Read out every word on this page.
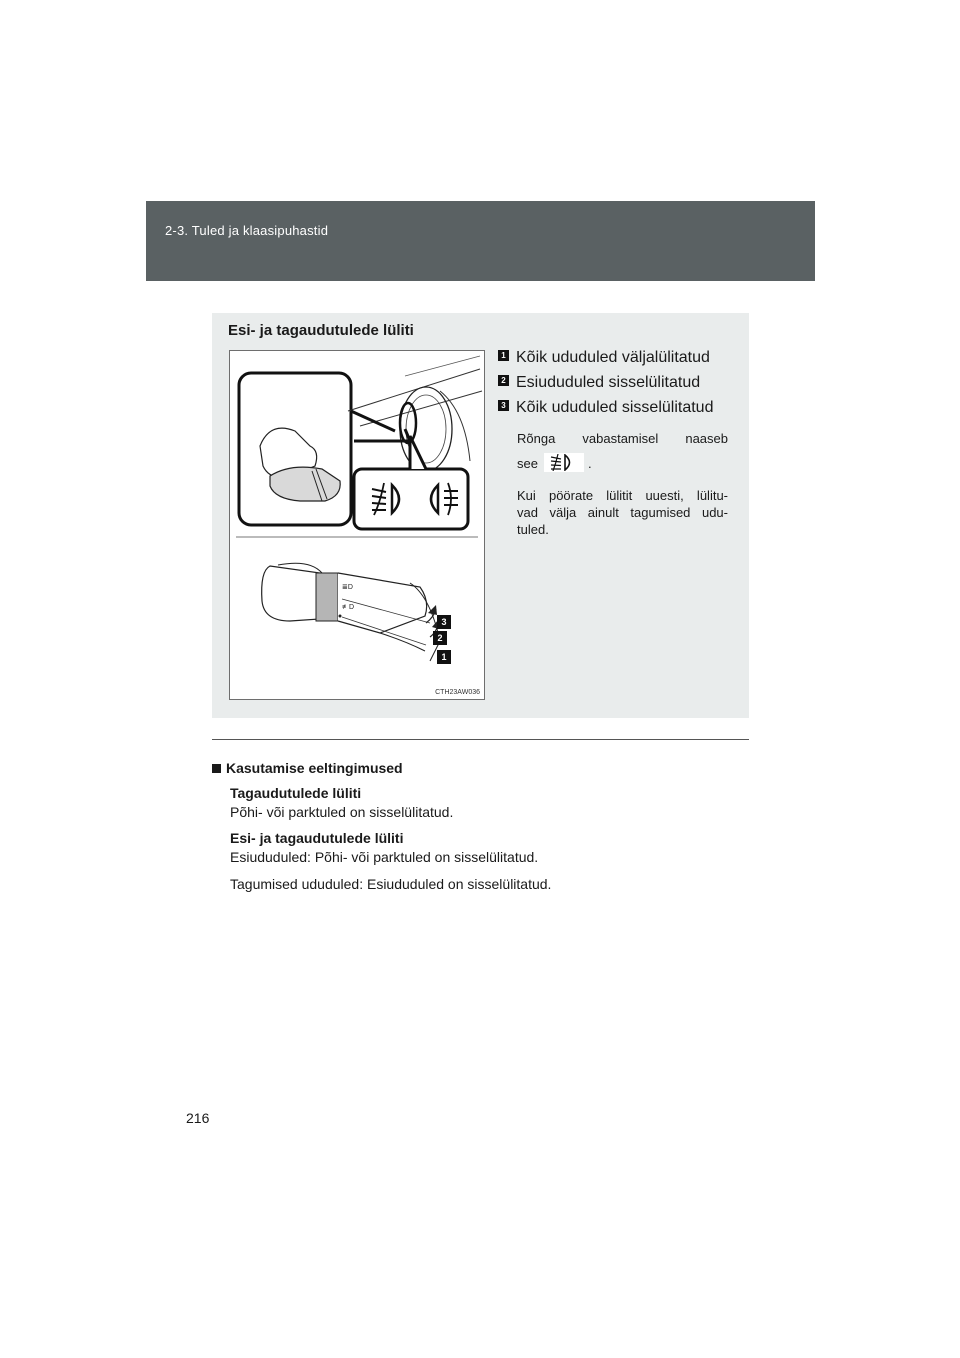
2-3. Tuled ja klaasipuhastid
Esi- ja tagaudutulede lüliti
≣D
≢D
3
2
1
CTH23AW036
1 Kõik ududuled väljalülitatud
2 Esiududuled sisselülitatud
3 Kõik ududuled sisselülitatud
Rõnga vabastamisel naaseb
see	.
Kui pöörate lülitit uuesti, lülitu-
vad välja ainult tagumised udu-
tuled.
Kasutamise eeltingimused
Tagaudutulede lüliti
Põhi- või parktuled on sisselülitatud.
Esi- ja tagaudutulede lüliti
Esiududuled: Põhi- või parktuled on sisselülitatud.
Tagumised ududuled: Esiududuled on sisselülitatud.
216
